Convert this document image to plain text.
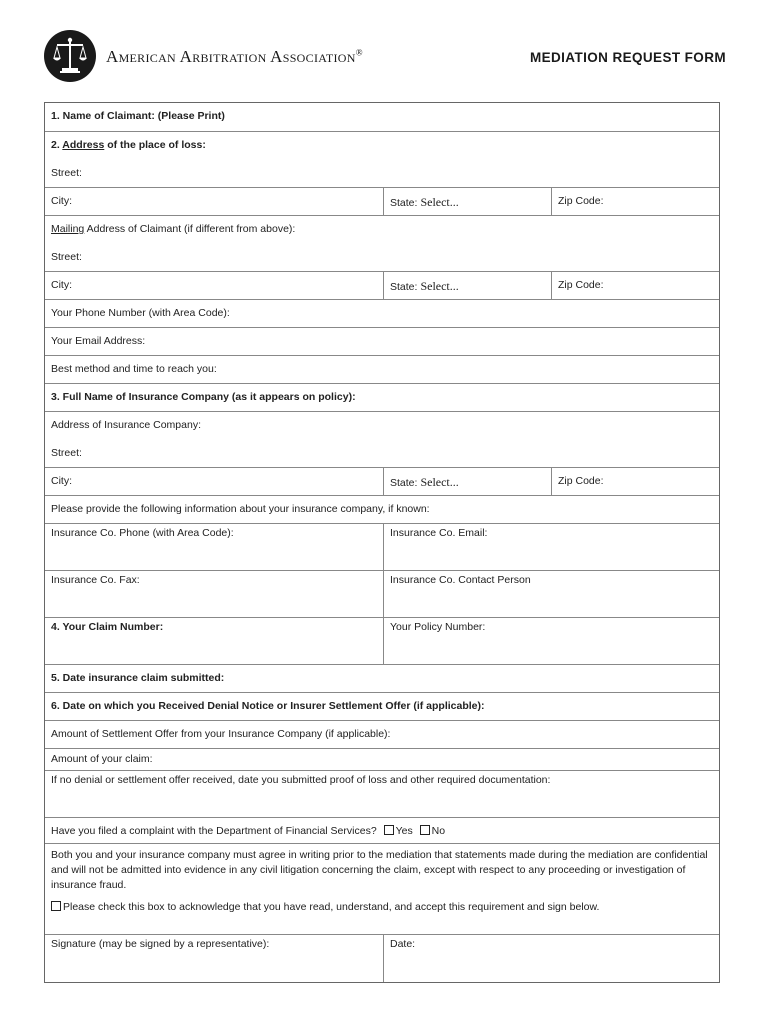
American Arbitration Association®	MEDIATION REQUEST FORM
1. Name of Claimant: (Please Print)
2. Address of the place of loss:
Street:
City:	State: Select...	Zip Code:
Mailing Address of Claimant (if different from above):
Street:
City:	State: Select...	Zip Code:
Your Phone Number (with Area Code):
Your Email Address:
Best method and time to reach you:
3. Full Name of Insurance Company (as it appears on policy):
Address of Insurance Company:
Street:
City:	State: Select...	Zip Code:
Please provide the following information about your insurance company, if known:
Insurance Co. Phone (with Area Code):	Insurance Co. Email:
Insurance Co. Fax:	Insurance Co. Contact Person
4. Your Claim Number:	Your Policy Number:
5. Date insurance claim submitted:
6. Date on which you Received Denial Notice or Insurer Settlement Offer (if applicable):
Amount of Settlement Offer from your Insurance Company (if applicable):
Amount of your claim:
If no denial or settlement offer received, date you submitted proof of loss and other required documentation:
Have you filed a complaint with the Department of Financial Services? Yes No
Both you and your insurance company must agree in writing prior to the mediation that statements made during the mediation are confidential and will not be admitted into evidence in any civil litigation concerning the claim, except with respect to any proceeding or investigation of insurance fraud.
Please check this box to acknowledge that you have read, understand, and accept this requirement and sign below.
Signature (may be signed by a representative):	Date:
